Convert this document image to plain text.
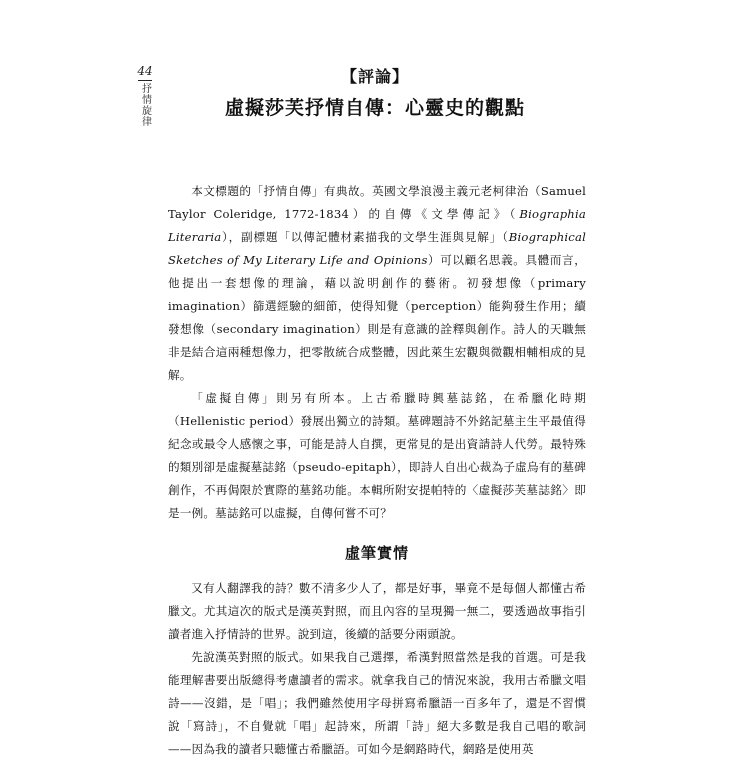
44
抒情旋律
【評論】
虛擬莎芙抒情自傳：心靈史的觀點

本文標題的「抒情自傳」有典故。英國文學浪漫主義元老柯律治（Samuel Taylor Coleridge, 1772-1834）的自傳《文學傳記》（Biographia Literaria），副標題「以傳記體材素描我的文學生涯與見解」（Biographical Sketches of My Literary Life and Opinions）可以顧名思義。具體而言，他提出一套想像的理論，藉以說明創作的藝術。初發想像（primary imagination）篩選經驗的細節，使得知覺（perception）能夠發生作用；續發想像（secondary imagination）則是有意識的詮釋與創作。詩人的天職無非是結合這兩種想像力，把零散統合成整體，因此萊生宏觀與微觀相輔相成的見解。

「虛擬自傳」則另有所本。上古希臘時興墓誌銘，在希臘化時期（Hellenistic period）發展出獨立的詩類。墓碑題詩不外銘記墓主生平最值得紀念或最令人感懷之事，可能是詩人自撰，更常見的是出資請詩人代勞。最特殊的類別卻是虛擬墓誌銘（pseudo-epitaph），即詩人自出心裁為子虛烏有的墓碑創作，不再侷限於實際的墓銘功能。本輯所附安提帕特的〈虛擬莎芙墓誌銘〉即是一例。墓誌銘可以虛擬，自傳何嘗不可？

虛筆實情

又有人翻譯我的詩？數不清多少人了，都是好事，畢竟不是每個人都懂古希臘文。尤其這次的版式是漢英對照，而且內容的呈現獨一無二，要透過故事指引讀者進入抒情詩的世界。說到這，後續的話要分兩頭說。

先說漢英對照的版式。如果我自己選擇，希漢對照當然是我的首選。可是我能理解書要出版總得考慮讀者的需求。就拿我自己的情況來說，我用古希臘文唱詩——沒錯，是「唱」；我們雖然使用字母拼寫希臘語一百多年了，還是不習慣說「寫詩」，不自覺就「唱」起詩來，所謂「詩」絕大多數是我自己唱的歌詞——因為我的讀者只聽懂古希臘語。可如今是網路時代，網路是使用英
